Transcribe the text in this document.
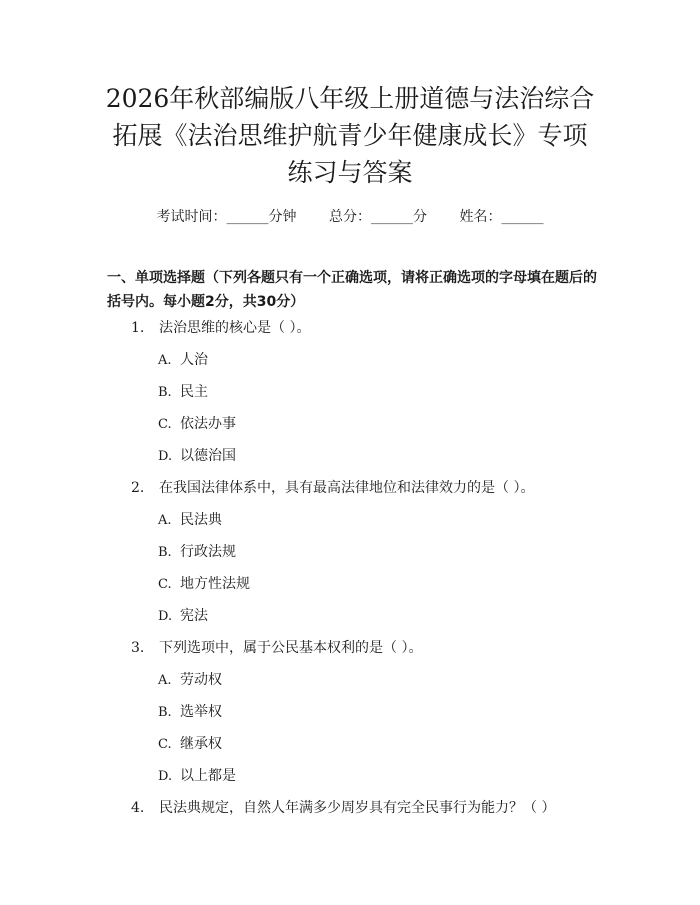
2026年秋部编版八年级上册道德与法治综合
拓展《法治思维护航青少年健康成长》专项
练习与答案
考试时间：______分钟 总分：______分 姓名：______
一、单项选择题（下列各题只有一个正确选项，请将正确选项的字母填在题后的括号内。每小题2分，共30分）
1. 法治思维的核心是（ ）。
A. 人治
B. 民主
C. 依法办事
D. 以德治国
2. 在我国法律体系中，具有最高法律地位和法律效力的是（ ）。
A. 民法典
B. 行政法规
C. 地方性法规
D. 宪法
3. 下列选项中，属于公民基本权利的是（ ）。
A. 劳动权
B. 选举权
C. 继承权
D. 以上都是
4. 民法典规定，自然人年满多少周岁具有完全民事行为能力？（ ）
